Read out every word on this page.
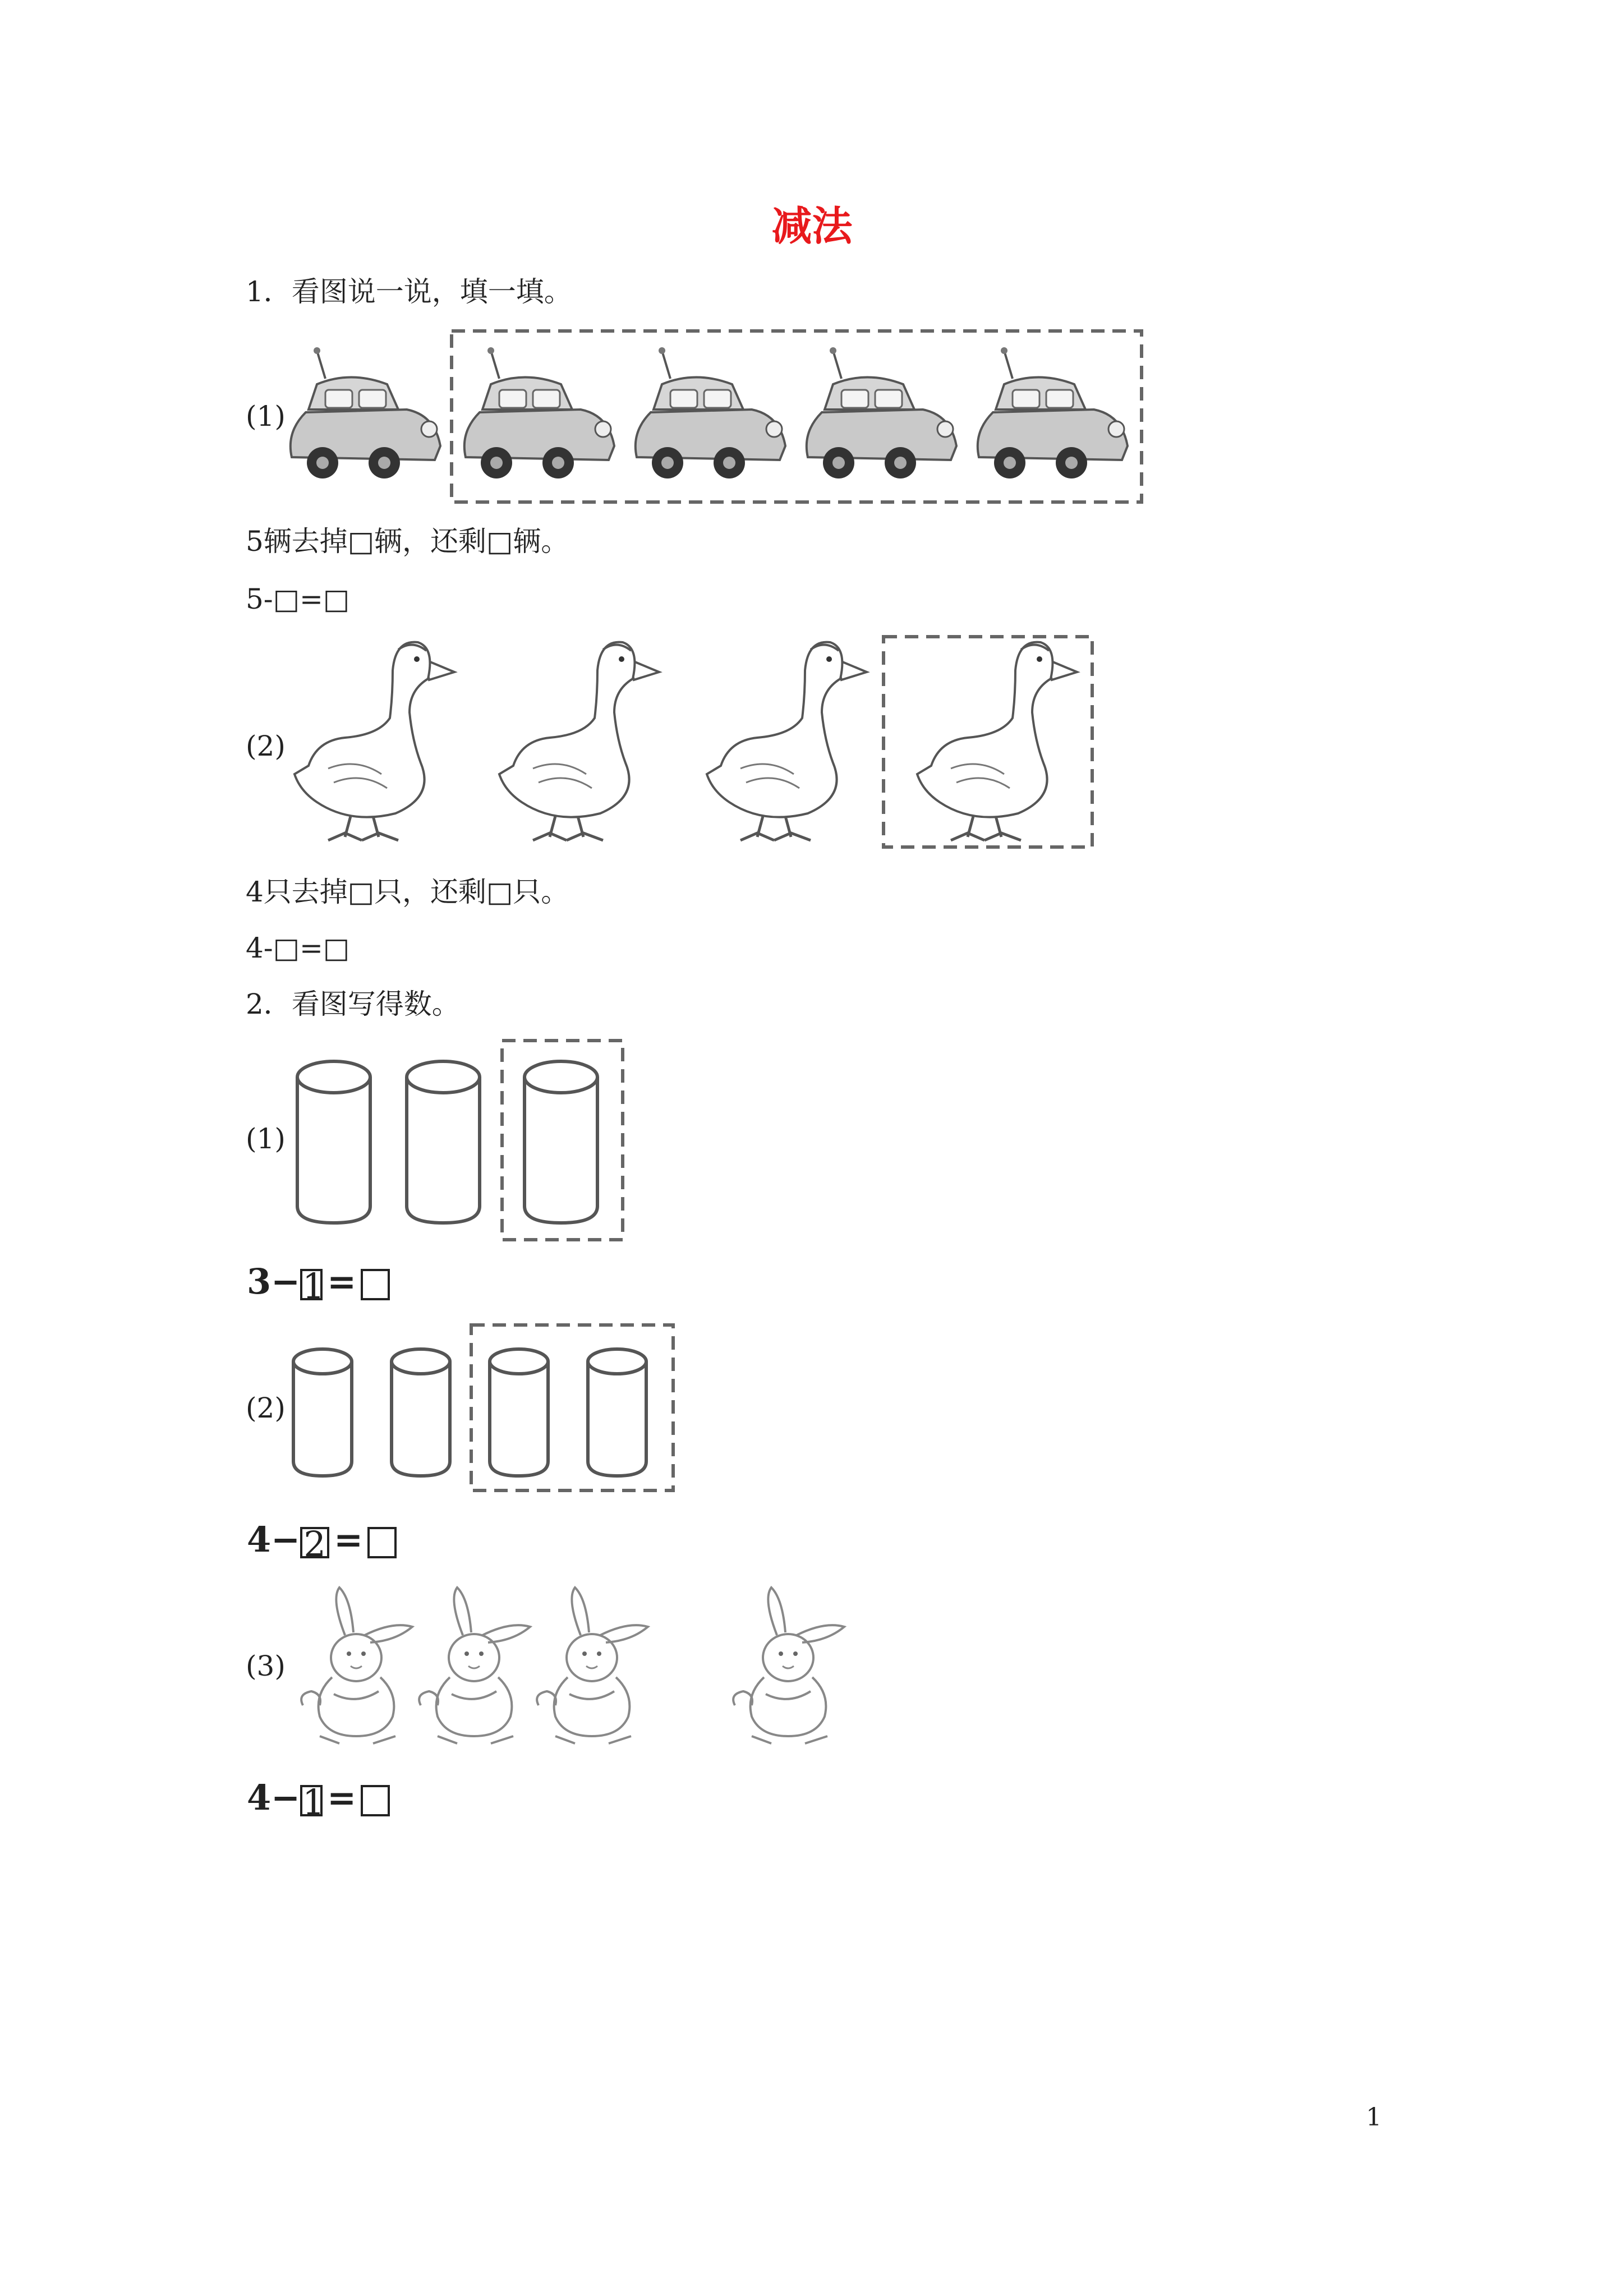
减法
1．看图说一说，填一填。
(1)
5辆去掉□辆，还剩□辆。
5-□=□
(2)
4只去掉□只，还剩□只。
4-□=□
2．看图写得数。
(1)
3−1=
(2)
4− 2 =
(3)
4−1=
1
